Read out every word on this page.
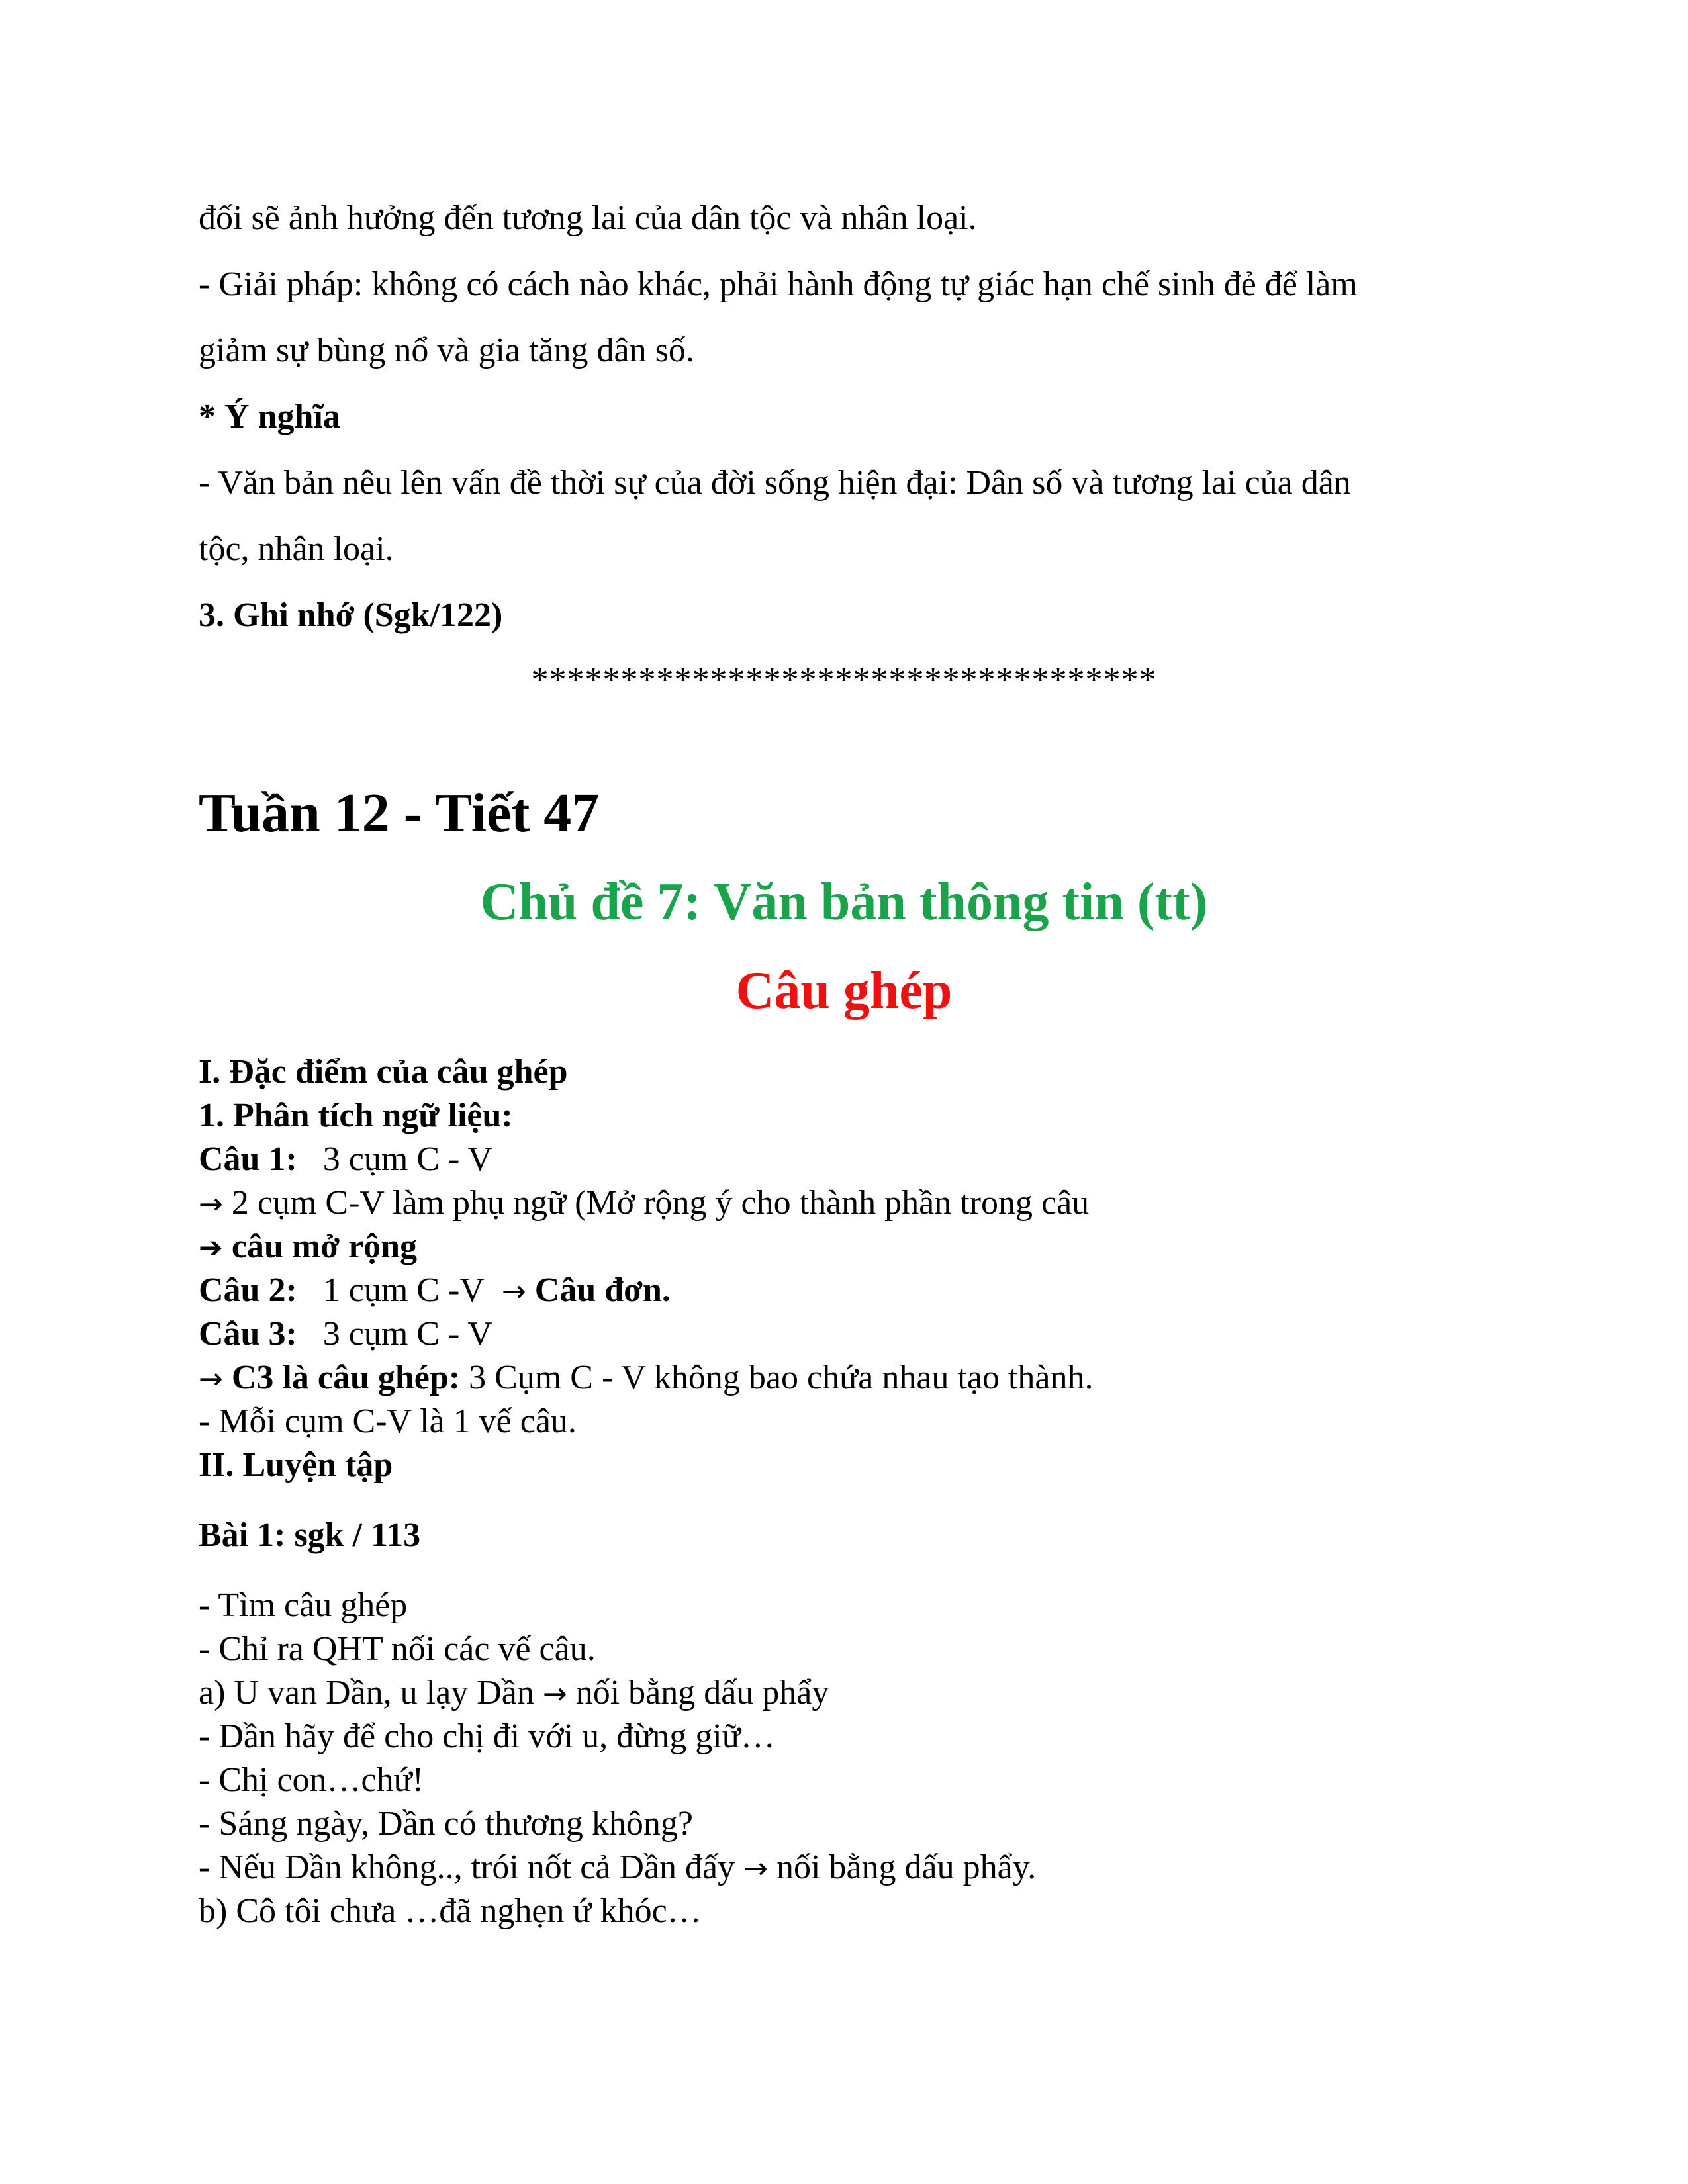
đối sẽ ảnh hưởng đến tương lai của dân tộc và nhân loại.
- Giải pháp: không có cách nào khác, phải hành động tự giác hạn chế sinh đẻ để làm
giảm sự bùng nổ và gia tăng dân số.
* Ý nghĩa
- Văn bản nêu lên vấn đề thời sự của đời sống hiện đại: Dân số và tương lai của dân
tộc, nhân loại.
3. Ghi nhớ (Sgk/122)
***********************************
Tuần 12 - Tiết 47
Chủ đề 7: Văn bản thông tin (tt)
Câu ghép
I. Đặc điểm của câu ghép
1. Phân tích ngữ liệu:
Câu 1: 3 cụm C - V
→ 2 cụm C-V làm phụ ngữ (Mở rộng ý cho thành phần trong câu
➔ câu mở rộng
Câu 2: 1 cụm C -V → Câu đơn.
Câu 3: 3 cụm C - V
→ C3 là câu ghép: 3 Cụm C - V không bao chứa nhau tạo thành.
- Mỗi cụm C-V là 1 vế câu.
II. Luyện tập
Bài 1: sgk / 113
- Tìm câu ghép
- Chỉ ra QHT nối các vế câu.
a) U van Dần, u lạy Dần → nối bằng dấu phẩy
- Dần hãy để cho chị đi với u, đừng giữ…
- Chị con…chứ!
- Sáng ngày, Dần có thương không?
- Nếu Dần không.., trói nốt cả Dần đấy → nối bằng dấu phẩy.
b) Cô tôi chưa …đã nghẹn ứ khóc…
